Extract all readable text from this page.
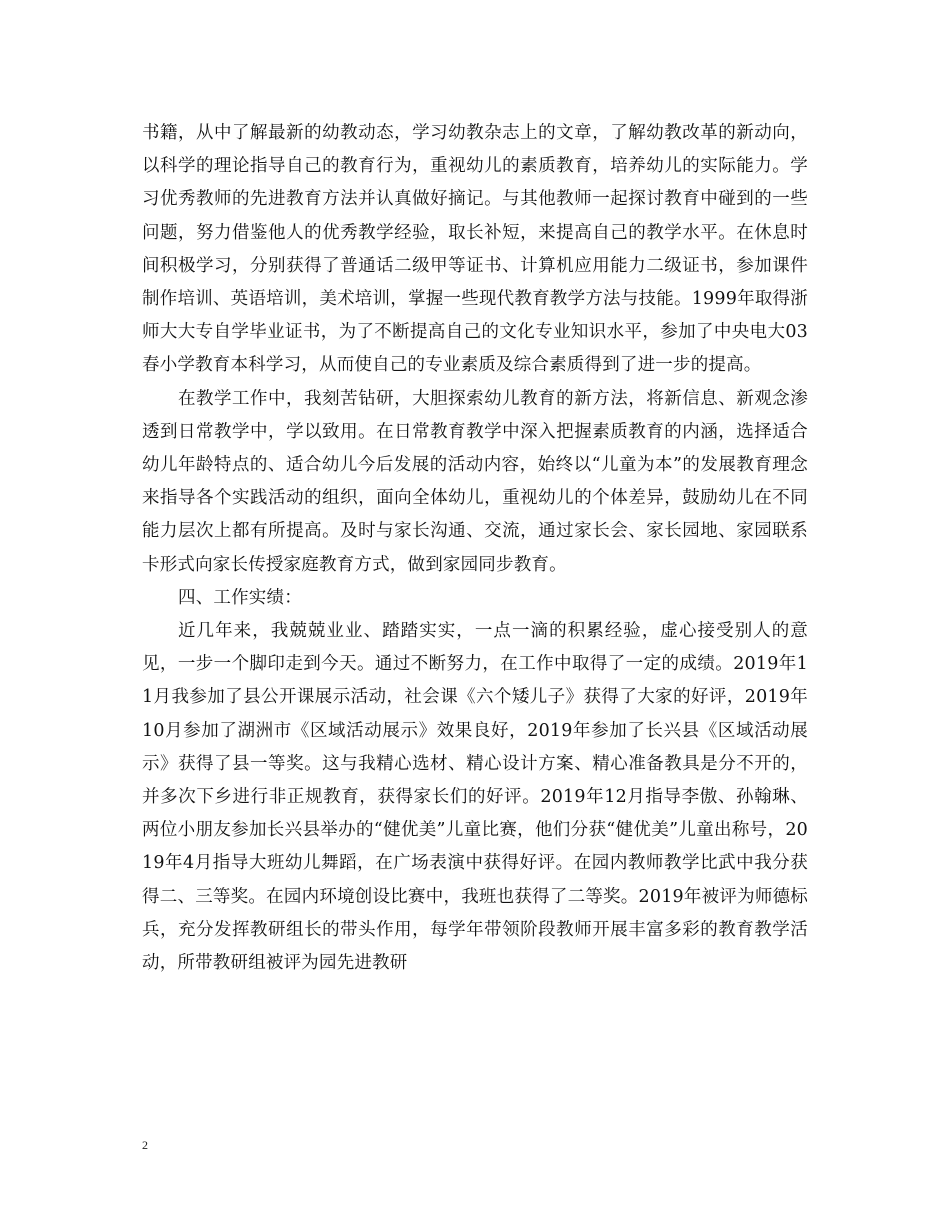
书籍，从中了解最新的幼教动态，学习幼教杂志上的文章，了解幼教改革的新动向，以科学的理论指导自己的教育行为，重视幼儿的素质教育，培养幼儿的实际能力。学习优秀教师的先进教育方法并认真做好摘记。与其他教师一起探讨教育中碰到的一些问题，努力借鉴他人的优秀教学经验，取长补短，来提高自己的教学水平。在休息时间积极学习，分别获得了普通话二级甲等证书、计算机应用能力二级证书，参加课件制作培训、英语培训，美术培训，掌握一些现代教育教学方法与技能。1999年取得浙师大大专自学毕业证书，为了不断提高自己的文化专业知识水平，参加了中央电大03春小学教育本科学习，从而使自己的专业素质及综合素质得到了进一步的提高。

在教学工作中，我刻苦钻研，大胆探索幼儿教育的新方法，将新信息、新观念渗透到日常教学中，学以致用。在日常教育教学中深入把握素质教育的内涵，选择适合幼儿年龄特点的、适合幼儿今后发展的活动内容，始终以“儿童为本”的发展教育理念来指导各个实践活动的组织，面向全体幼儿，重视幼儿的个体差异，鼓励幼儿在不同能力层次上都有所提高。及时与家长沟通、交流，通过家长会、家长园地、家园联系卡形式向家长传授家庭教育方式，做到家园同步教育。

四、工作实绩：

近几年来，我兢兢业业、踏踏实实，一点一滴的积累经验，虚心接受别人的意见，一步一个脚印走到今天。通过不断努力，在工作中取得了一定的成绩。2019年11月我参加了县公开课展示活动，社会课《六个矮儿子》获得了大家的好评，2019年10月参加了湖洲市《区域活动展示》效果良好，2019年参加了长兴县《区域活动展示》获得了县一等奖。这与我精心选材、精心设计方案、精心准备教具是分不开的，并多次下乡进行非正规教育，获得家长们的好评。2019年12月指导李傲、孙翰琳、两位小朋友参加长兴县举办的“健优美”儿童比赛，他们分获“健优美”儿童出称号，2019年4月指导大班幼儿舞蹈，在广场表演中获得好评。在园内教师教学比武中我分获得二、三等奖。在园内环境创设比赛中，我班也获得了二等奖。2019年被评为师德标兵，充分发挥教研组长的带头作用，每学年带领阶段教师开展丰富多彩的教育教学活动，所带教研组被评为园先进教研

2
